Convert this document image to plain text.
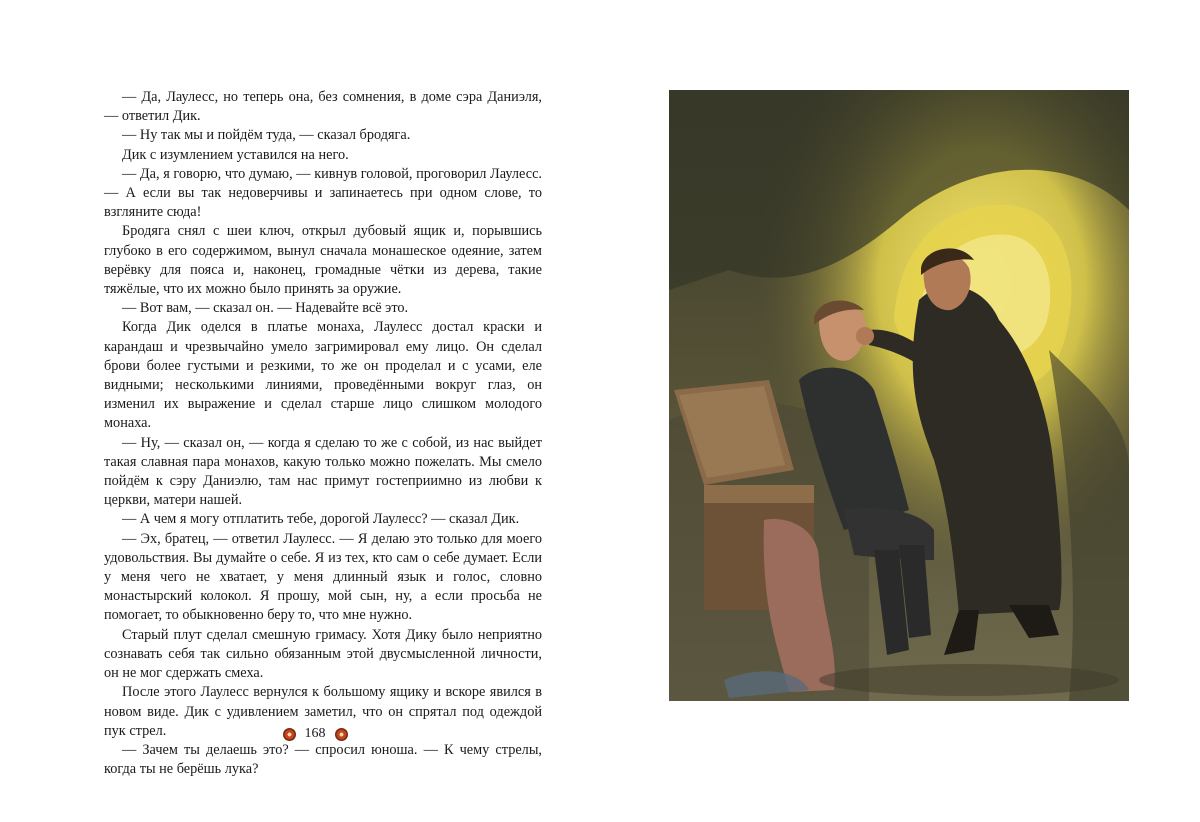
— Да, Лаулесс, но теперь она, без сомнения, в доме сэра Даниэля, — ответил Дик.

— Ну так мы и пойдём туда, — сказал бродяга.

Дик с изумлением уставился на него.

— Да, я говорю, что думаю, — кивнув головой, проговорил Лаулесс. — А если вы так недоверчивы и запинаетесь при одном слове, то взгляните сюда!

Бродяга снял с шеи ключ, открыл дубовый ящик и, порывшись глубоко в его содержимом, вынул сначала монашеское одеяние, затем верёвку для пояса и, наконец, громадные чётки из дерева, такие тяжёлые, что их можно было принять за оружие.

— Вот вам, — сказал он. — Надевайте всё это.

Когда Дик оделся в платье монаха, Лаулесс достал краски и карандаш и чрезвычайно умело загримировал ему лицо. Он сделал брови более густыми и резкими, то же он проделал и с усами, еле видными; несколькими линиями, проведёнными вокруг глаз, он изменил их выражение и сделал старше лицо слишком молодого монаха.

— Ну, — сказал он, — когда я сделаю то же с собой, из нас выйдет такая славная пара монахов, какую только можно пожелать. Мы смело пойдём к сэру Даниэлю, там нас примут гостеприимно из любви к церкви, матери нашей.

— А чем я могу отплатить тебе, дорогой Лаулесс? — сказал Дик.

— Эх, братец, — ответил Лаулесс. — Я делаю это только для моего удовольствия. Вы думайте о себе. Я из тех, кто сам о себе думает. Если у меня чего не хватает, у меня длинный язык и голос, словно монастырский колокол. Я прошу, мой сын, ну, а если просьба не помогает, то обыкновенно беру то, что мне нужно.

Старый плут сделал смешную гримасу. Хотя Дику было неприятно сознавать себя так сильно обязанным этой двусмысленной личности, он не мог сдержать смеха.

После этого Лаулесс вернулся к большому ящику и вскоре явился в новом виде. Дик с удивлением заметил, что он спрятал под одеждой пук стрел.

— Зачем ты делаешь это? — спросил юноша. — К чему стрелы, когда ты не берёшь лука?

168
